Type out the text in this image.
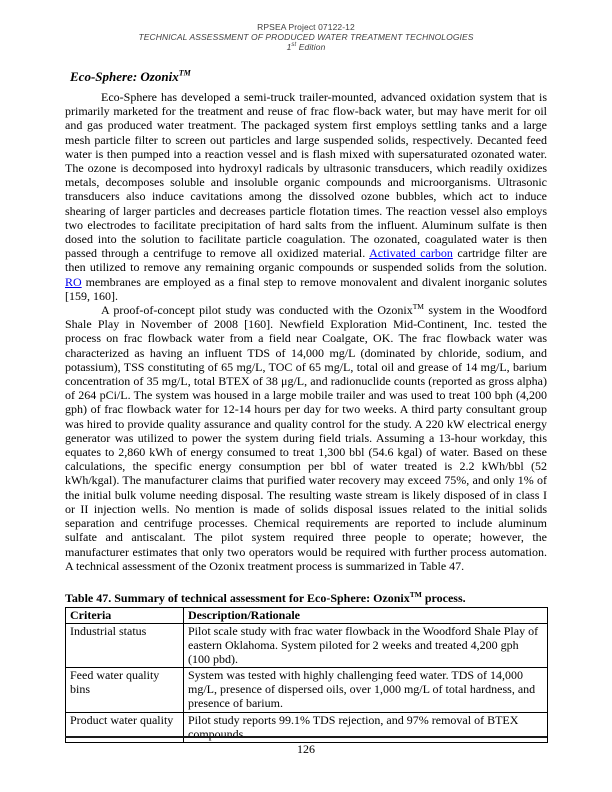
RPSEA Project 07122-12
TECHNICAL ASSESSMENT OF PRODUCED WATER TREATMENT TECHNOLOGIES
1st Edition
Eco-Sphere: Ozonix™

Eco-Sphere has developed a semi-truck trailer-mounted, advanced oxidation system that is primarily marketed for the treatment and reuse of frac flow-back water, but may have merit for oil and gas produced water treatment. The packaged system first employs settling tanks and a large mesh particle filter to screen out particles and large suspended solids, respectively. Decanted feed water is then pumped into a reaction vessel and is flash mixed with supersaturated ozonated water. The ozone is decomposed into hydroxyl radicals by ultrasonic transducers, which readily oxidizes metals, decomposes soluble and insoluble organic compounds and microorganisms. Ultrasonic transducers also induce cavitations among the dissolved ozone bubbles, which act to induce shearing of larger particles and decreases particle flotation times. The reaction vessel also employs two electrodes to facilitate precipitation of hard salts from the influent. Aluminum sulfate is then dosed into the solution to facilitate particle coagulation. The ozonated, coagulated water is then passed through a centrifuge to remove all oxidized material. Activated carbon cartridge filter are then utilized to remove any remaining organic compounds or suspended solids from the solution. RO membranes are employed as a final step to remove monovalent and divalent inorganic solutes [159, 160].

A proof-of-concept pilot study was conducted with the Ozonix™ system in the Woodford Shale Play in November of 2008 [160]. Newfield Exploration Mid-Continent, Inc. tested the process on frac flowback water from a field near Coalgate, OK. The frac flowback water was characterized as having an influent TDS of 14,000 mg/L (dominated by chloride, sodium, and potassium), TSS constituting of 65 mg/L, TOC of 65 mg/L, total oil and grease of 14 mg/L, barium concentration of 35 mg/L, total BTEX of 38 μg/L, and radionuclide counts (reported as gross alpha) of 264 pCi/L. The system was housed in a large mobile trailer and was used to treat 100 bph (4,200 gph) of frac flowback water for 12-14 hours per day for two weeks. A third party consultant group was hired to provide quality assurance and quality control for the study. A 220 kW electrical energy generator was utilized to power the system during field trials. Assuming a 13-hour workday, this equates to 2,860 kWh of energy consumed to treat 1,300 bbl (54.6 kgal) of water. Based on these calculations, the specific energy consumption per bbl of water treated is 2.2 kWh/bbl (52 kWh/kgal). The manufacturer claims that purified water recovery may exceed 75%, and only 1% of the initial bulk volume needing disposal. The resulting waste stream is likely disposed of in class I or II injection wells. No mention is made of solids disposal issues related to the initial solids separation and centrifuge processes. Chemical requirements are reported to include aluminum sulfate and antiscalant. The pilot system required three people to operate; however, the manufacturer estimates that only two operators would be required with further process automation. A technical assessment of the Ozonix treatment process is summarized in Table 47.

Table 47. Summary of technical assessment for Eco-Sphere: Ozonix™ process.

Criteria	Description/Rationale
Industrial status	Pilot scale study with frac water flowback in the Woodford Shale Play of eastern Oklahoma. System piloted for 2 weeks and treated 4,200 gph (100 pbd).
Feed water quality bins	System was tested with highly challenging feed water. TDS of 14,000 mg/L, presence of dispersed oils, over 1,000 mg/L of total hardness, and presence of barium.
Product water quality	Pilot study reports 99.1% TDS rejection, and 97% removal of BTEX compounds.
126
